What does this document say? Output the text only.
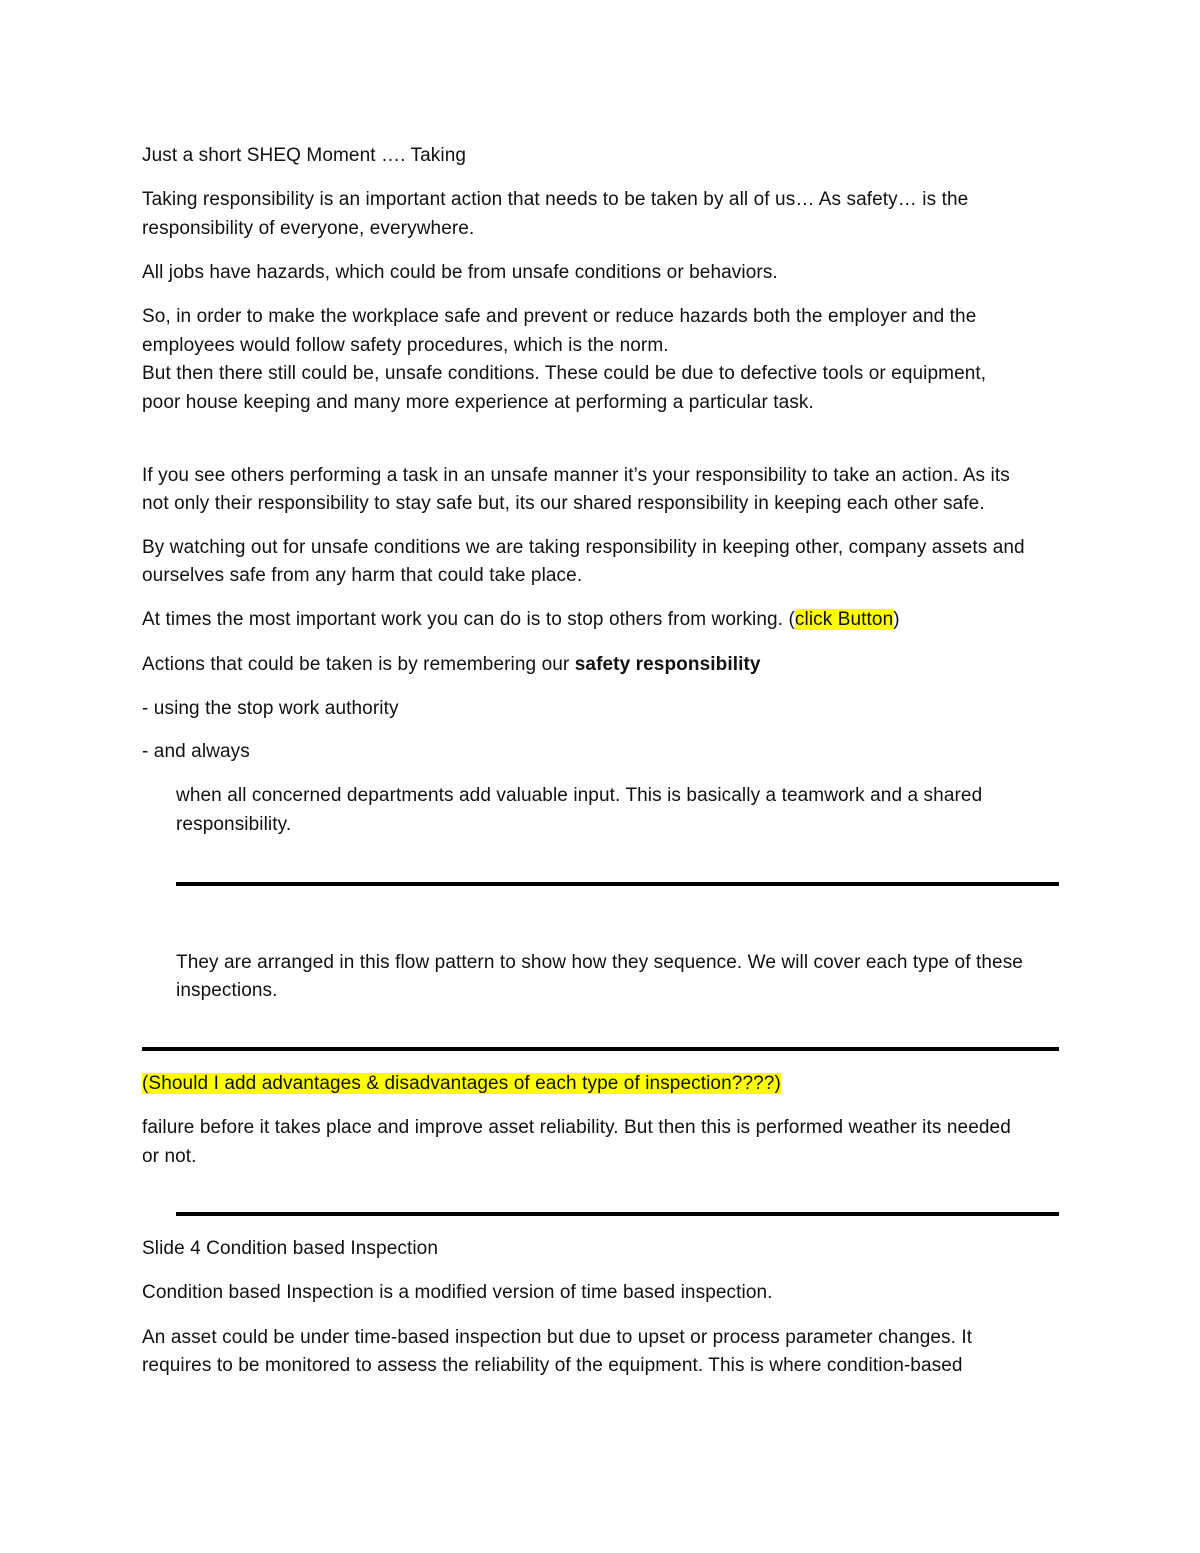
Just a short SHEQ Moment …. Taking
Taking responsibility is an important action that needs to be taken by all of us… As safety… is the
responsibility of everyone, everywhere.
All jobs have hazards, which could be from unsafe conditions or behaviors.
So, in order to make the workplace safe and prevent or reduce hazards both the employer and the
employees would follow safety procedures, which is the norm.
But then there still could be, unsafe conditions. These could be due to defective tools or equipment,
poor house keeping and many more experience at performing a particular task.
If you see others performing a task in an unsafe manner it’s your responsibility to take an action. As its
not only their responsibility to stay safe but, its our shared responsibility in keeping each other safe.
By watching out for unsafe conditions we are taking responsibility in keeping other, company assets and
ourselves safe from any harm that could take place.
At times the most important work you can do is to stop others from working. (click Button)
Actions that could be taken is by remembering our safety responsibility
- using the stop work authority
- and always
when all concerned departments add valuable input. This is basically a teamwork and a shared
responsibility.
They are arranged in this flow pattern to show how they sequence. We will cover each type of these
inspections.
(Should I add advantages & disadvantages of each type of inspection????)
failure before it takes place and improve asset reliability. But then this is performed weather its needed
or not.
Slide 4 Condition based Inspection
Condition based Inspection is a modified version of time based inspection.
An asset could be under time-based inspection but due to upset or process parameter changes. It
requires to be monitored to assess the reliability of the equipment. This is where condition-based
